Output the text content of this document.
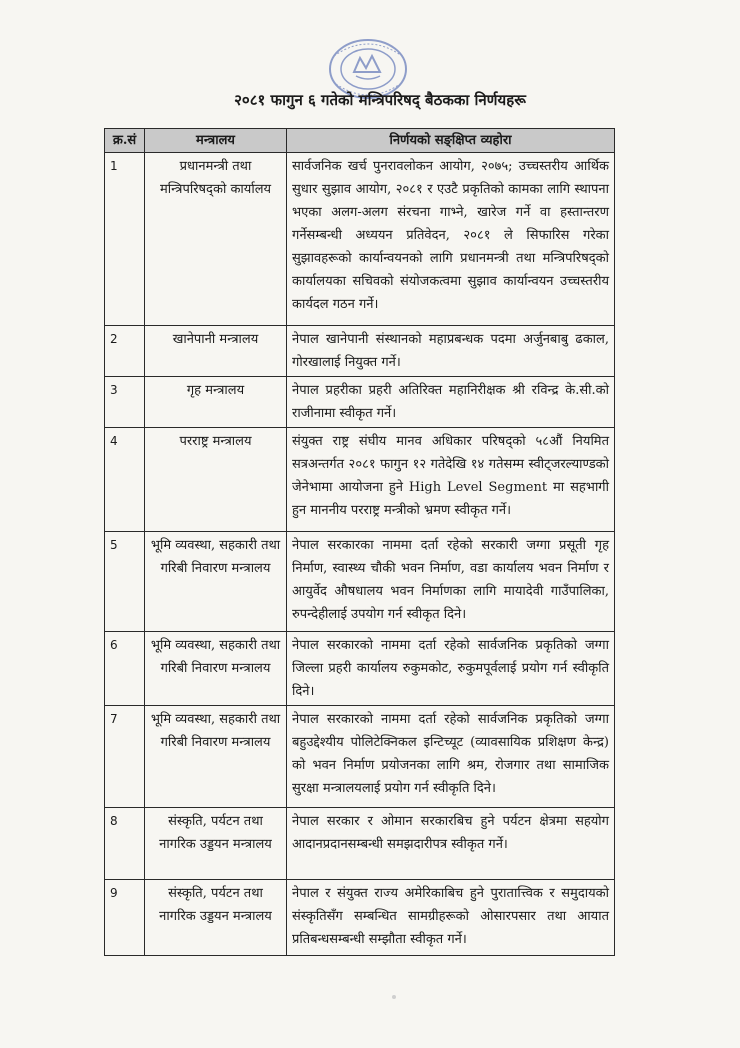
२०८१ फागुन ६ गतेको मन्त्रिपरिषद् बैठकका निर्णयहरू
क्र.सं	मन्त्रालय	निर्णयको सङ्क्षिप्त व्यहोरा
1	प्रधानमन्त्री तथा मन्त्रिपरिषद्को कार्यालय	सार्वजनिक खर्च पुनरावलोकन आयोग, २०७५; उच्चस्तरीय आर्थिक सुधार सुझाव आयोग, २०८१ र एउटै प्रकृतिको कामका लागि स्थापना भएका अलग-अलग संरचना गाभ्ने, खारेज गर्ने वा हस्तान्तरण गर्नेसम्बन्धी अध्ययन प्रतिवेदन, २०८१ ले सिफारिस गरेका सुझावहरूको कार्यान्वयनको लागि प्रधानमन्त्री तथा मन्त्रिपरिषद्को कार्यालयका सचिवको संयोजकत्वमा सुझाव कार्यान्वयन उच्चस्तरीय कार्यदल गठन गर्ने।
2	खानेपानी मन्त्रालय	नेपाल खानेपानी संस्थानको महाप्रबन्धक पदमा अर्जुनबाबु ढकाल, गोरखालाई नियुक्त गर्ने।
3	गृह मन्त्रालय	नेपाल प्रहरीका प्रहरी अतिरिक्त महानिरीक्षक श्री रविन्द्र के.सी.को राजीनामा स्वीकृत गर्ने।
4	परराष्ट्र मन्त्रालय	संयुक्त राष्ट्र संघीय मानव अधिकार परिषद्को ५८औं नियमित सत्रअन्तर्गत २०८१ फागुन १२ गतेदेखि १४ गतेसम्म स्वीट्जरल्याण्डको जेनेभामा आयोजना हुने High Level Segment मा सहभागी हुन माननीय परराष्ट्र मन्त्रीको भ्रमण स्वीकृत गर्ने।
5	भूमि व्यवस्था, सहकारी तथा गरिबी निवारण मन्त्रालय	नेपाल सरकारका नाममा दर्ता रहेको सरकारी जग्गा प्रसूती गृह निर्माण, स्वास्थ्य चौकी भवन निर्माण, वडा कार्यालय भवन निर्माण र आयुर्वेद औषधालय भवन निर्माणका लागि मायादेवी गाउँपालिका, रुपन्देहीलाई उपयोग गर्न स्वीकृत दिने।
6	भूमि व्यवस्था, सहकारी तथा गरिबी निवारण मन्त्रालय	नेपाल सरकारको नाममा दर्ता रहेको सार्वजनिक प्रकृतिको जग्गा जिल्ला प्रहरी कार्यालय रुकुमकोट, रुकुमपूर्वलाई प्रयोग गर्न स्वीकृति दिने।
7	भूमि व्यवस्था, सहकारी तथा गरिबी निवारण मन्त्रालय	नेपाल सरकारको नाममा दर्ता रहेको सार्वजनिक प्रकृतिको जग्गा बहुउद्देश्यीय पोलिटेक्निकल इन्टिच्यूट (व्यावसायिक प्रशिक्षण केन्द्र) को भवन निर्माण प्रयोजनका लागि श्रम, रोजगार तथा सामाजिक सुरक्षा मन्त्रालयलाई प्रयोग गर्न स्वीकृति दिने।
8	संस्कृति, पर्यटन तथा नागरिक उड्डयन मन्त्रालय	नेपाल सरकार र ओमान सरकारबिच हुने पर्यटन क्षेत्रमा सहयोग आदानप्रदानसम्बन्धी समझदारीपत्र स्वीकृत गर्ने।
9	संस्कृति, पर्यटन तथा नागरिक उड्डयन मन्त्रालय	नेपाल र संयुक्त राज्य अमेरिकाबिच हुने पुरातात्त्विक र समुदायको संस्कृतिसँग सम्बन्धित सामग्रीहरूको ओसारपसार तथा आयात प्रतिबन्धसम्बन्धी सम्झौता स्वीकृत गर्ने।
